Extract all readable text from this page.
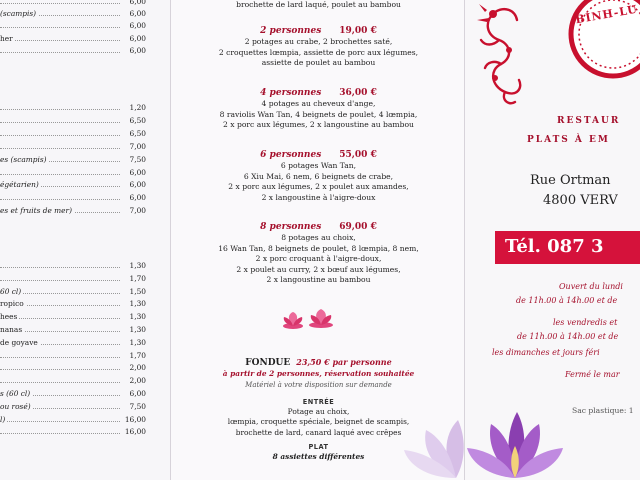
6,00
(scampis)	6,00
6,00
her	6,00
6,00
1,20
6,50
6,50
7,00
es (scampis)	7,50
6,00
égétarien)	6,00
6,00
es et fruits de mer)	7,00
1,30
1,70
60 cl)	1,50
ropico	1,30
hees	1,30
nanas	1,30
de goyave	1,30
1,70
2,00
2,00
s (60 cl)	6,00
ou rosé)	7,50
l)	16,00
16,00
brochette de lard laqué, poulet au bambou
2 personnes 19,00 €
2 potages au crabe, 2 brochettes saté,
2 croquettes lœmpia, assiette de porc aux légumes,
assiette de poulet au bambou
4 personnes 36,00 €
4 potages au cheveux d'ange,
8 raviolis Wan Tan, 4 beignets de poulet, 4 lœmpia,
2 x porc aux légumes, 2 x langoustine au bambou
6 personnes 55,00 €
6 potages Wan Tan,
6 Xiu Mai, 6 nem, 6 beignets de crabe,
2 x porc aux légumes, 2 x poulet aux amandes,
2 x langoustine à l'aigre-doux
8 personnes 69,00 €
8 potages au choix,
16 Wan Tan, 8 beignets de poulet, 8 lœmpia, 8 nem,
2 x porc croquant à l'aigre-doux,
2 x poulet au curry, 2 x bœuf aux légumes,
2 x langoustine au bambou
FONDUE 23,50 € par personne
à partir de 2 personnes, réservation souhaitée
Matériel à votre disposition sur demande
ENTRÉE
Potage au choix,
lœmpia, croquette spéciale, beignet de scampis,
brochette de lard, canard laqué avec crêpes
PLAT
8 assiettes différentes
BINH-LU
RESTAUR
PLATS À EM
Rue Ortman
4800 VERV
Tél. 087 3
Ouvert du lundi
de 11h.00 à 14h.00 et de
les vendredis et
de 11h.00 à 14h.00 et de
les dimanches et jours féri
Fermé le mar
Sac plastique: 1
